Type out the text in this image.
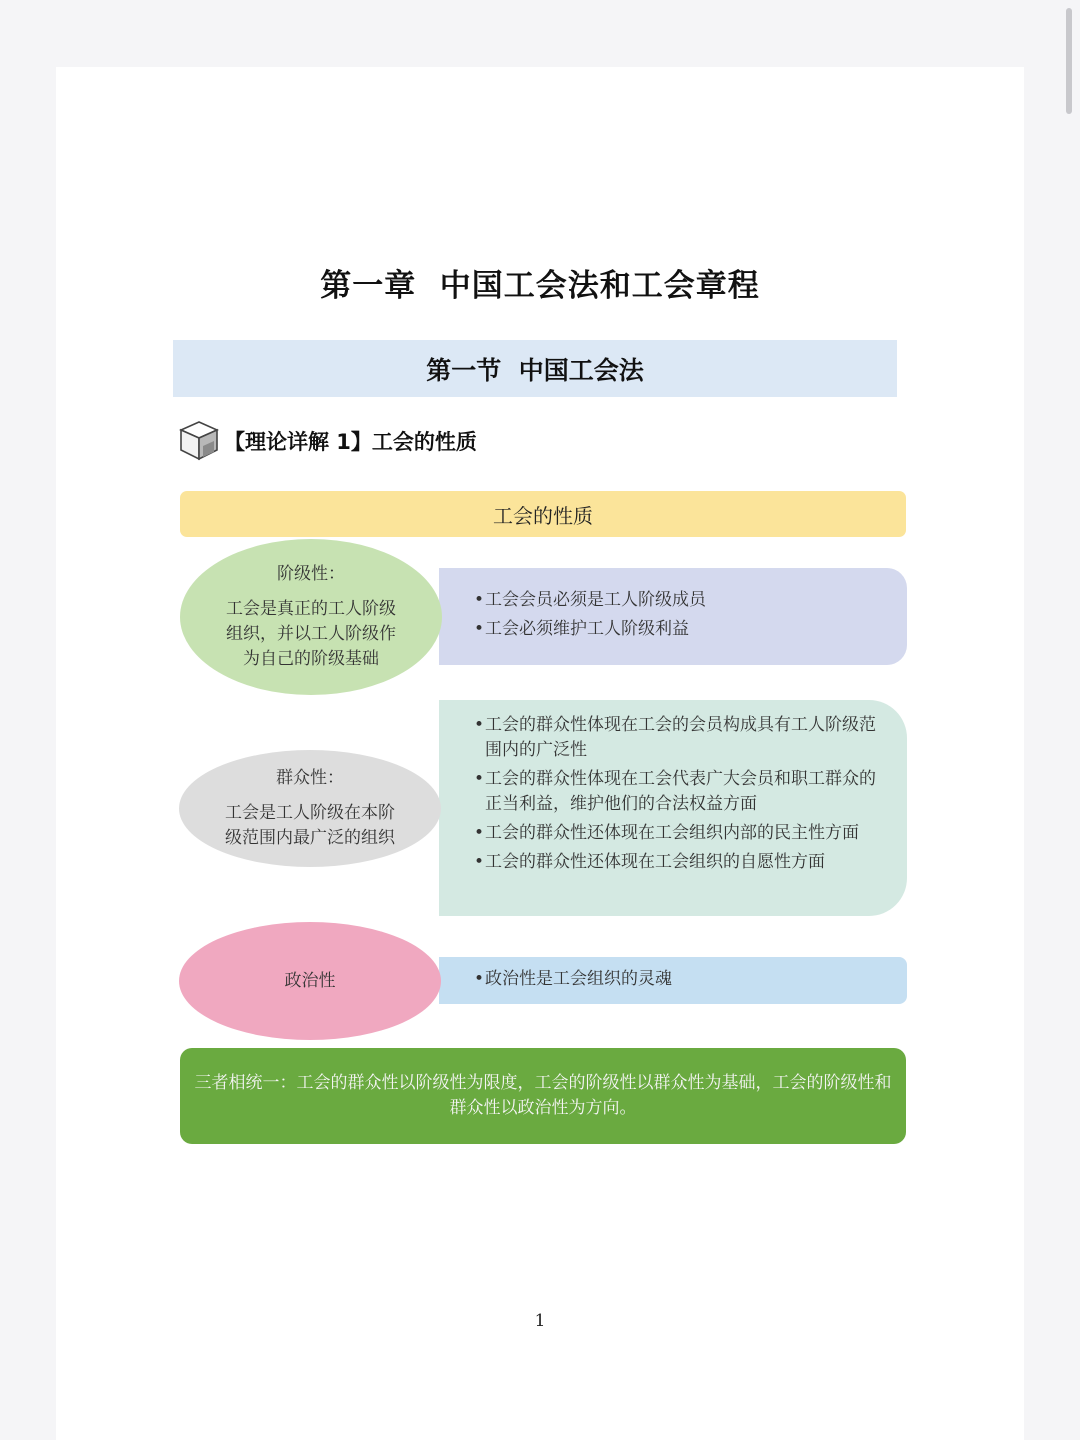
第一章  中国工会法和工会章程
第一节  中国工会法
【理论详解 1】工会的性质
工会的性质
• 工会会员必须是工人阶级成员
• 工会必须维护工人阶级利益
阶级性：
工会是真正的工人阶级组织，并以工人阶级作为自己的阶级基础
• 工会的群众性体现在工会的会员构成具有工人阶级范围内的广泛性
• 工会的群众性体现在工会代表广大会员和职工群众的正当利益，维护他们的合法权益方面
• 工会的群众性还体现在工会组织内部的民主性方面
• 工会的群众性还体现在工会组织的自愿性方面
群众性：
工会是工人阶级在本阶级范围内最广泛的组织
• 政治性是工会组织的灵魂
政治性
三者相统一：工会的群众性以阶级性为限度，工会的阶级性以群众性为基础，工会的阶级性和群众性以政治性为方向。
1
